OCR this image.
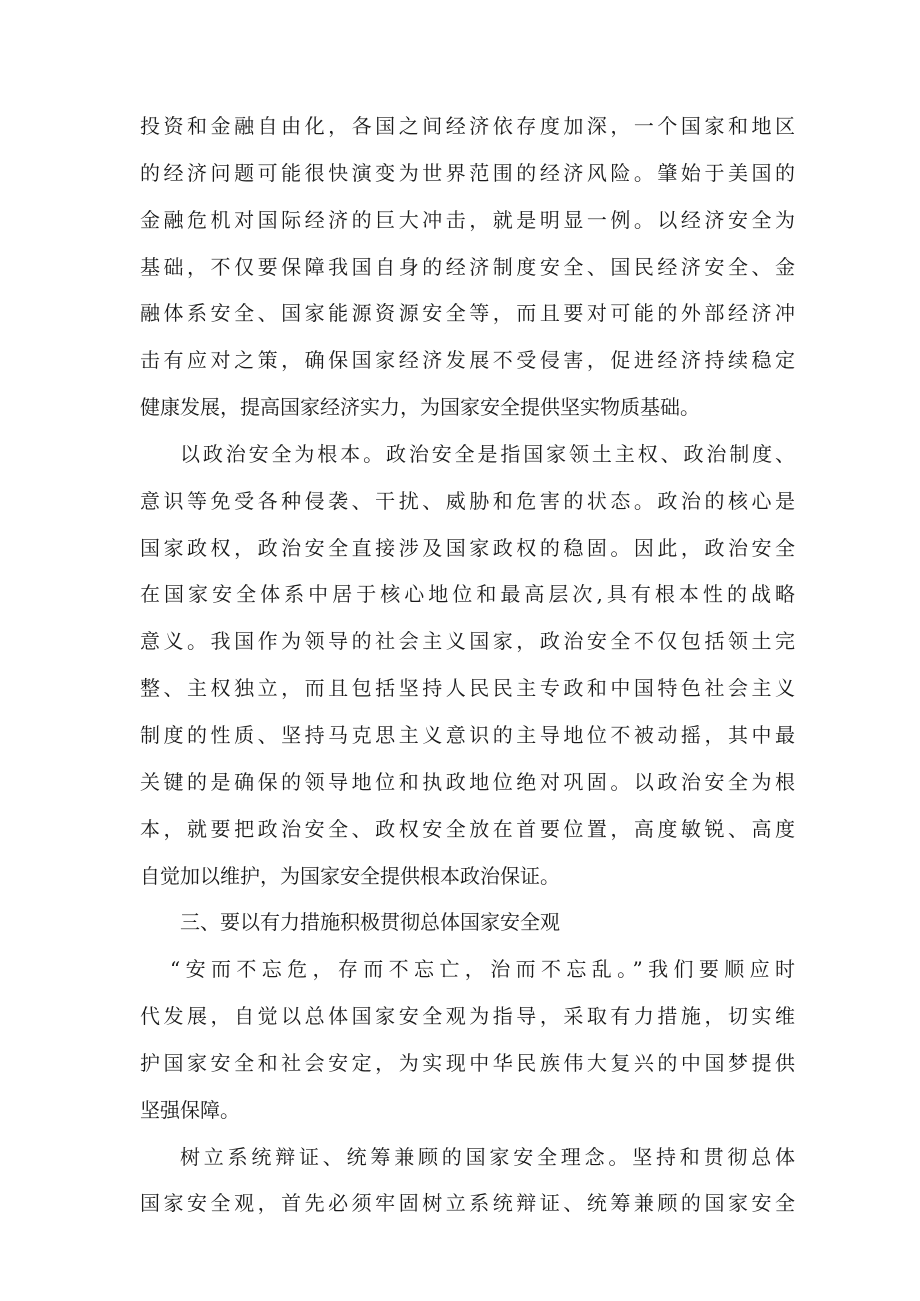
投资和金融自由化，各国之间经济依存度加深，一个国家和地区
的经济问题可能很快演变为世界范围的经济风险。肇始于美国的
金融危机对国际经济的巨大冲击，就是明显一例。以经济安全为
基础，不仅要保障我国自身的经济制度安全、国民经济安全、金
融体系安全、国家能源资源安全等，而且要对可能的外部经济冲
击有应对之策，确保国家经济发展不受侵害，促进经济持续稳定
健康发展，提高国家经济实力，为国家安全提供坚实物质基础。
以政治安全为根本。政治安全是指国家领土主权、政治制度、
意识等免受各种侵袭、干扰、威胁和危害的状态。政治的核心是
国家政权，政治安全直接涉及国家政权的稳固。因此，政治安全
在国家安全体系中居于核心地位和最高层次,具有根本性的战略
意义。我国作为领导的社会主义国家，政治安全不仅包括领土完
整、主权独立，而且包括坚持人民民主专政和中国特色社会主义
制度的性质、坚持马克思主义意识的主导地位不被动摇，其中最
关键的是确保的领导地位和执政地位绝对巩固。以政治安全为根
本，就要把政治安全、政权安全放在首要位置，高度敏锐、高度
自觉加以维护，为国家安全提供根本政治保证。
三、要以有力措施积极贯彻总体国家安全观
“安而不忘危，存而不忘亡，治而不忘乱。”我们要顺应时
代发展，自觉以总体国家安全观为指导，采取有力措施，切实维
护国家安全和社会安定，为实现中华民族伟大复兴的中国梦提供
坚强保障。
树立系统辩证、统筹兼顾的国家安全理念。坚持和贯彻总体
国家安全观，首先必须牢固树立系统辩证、统筹兼顾的国家安全
